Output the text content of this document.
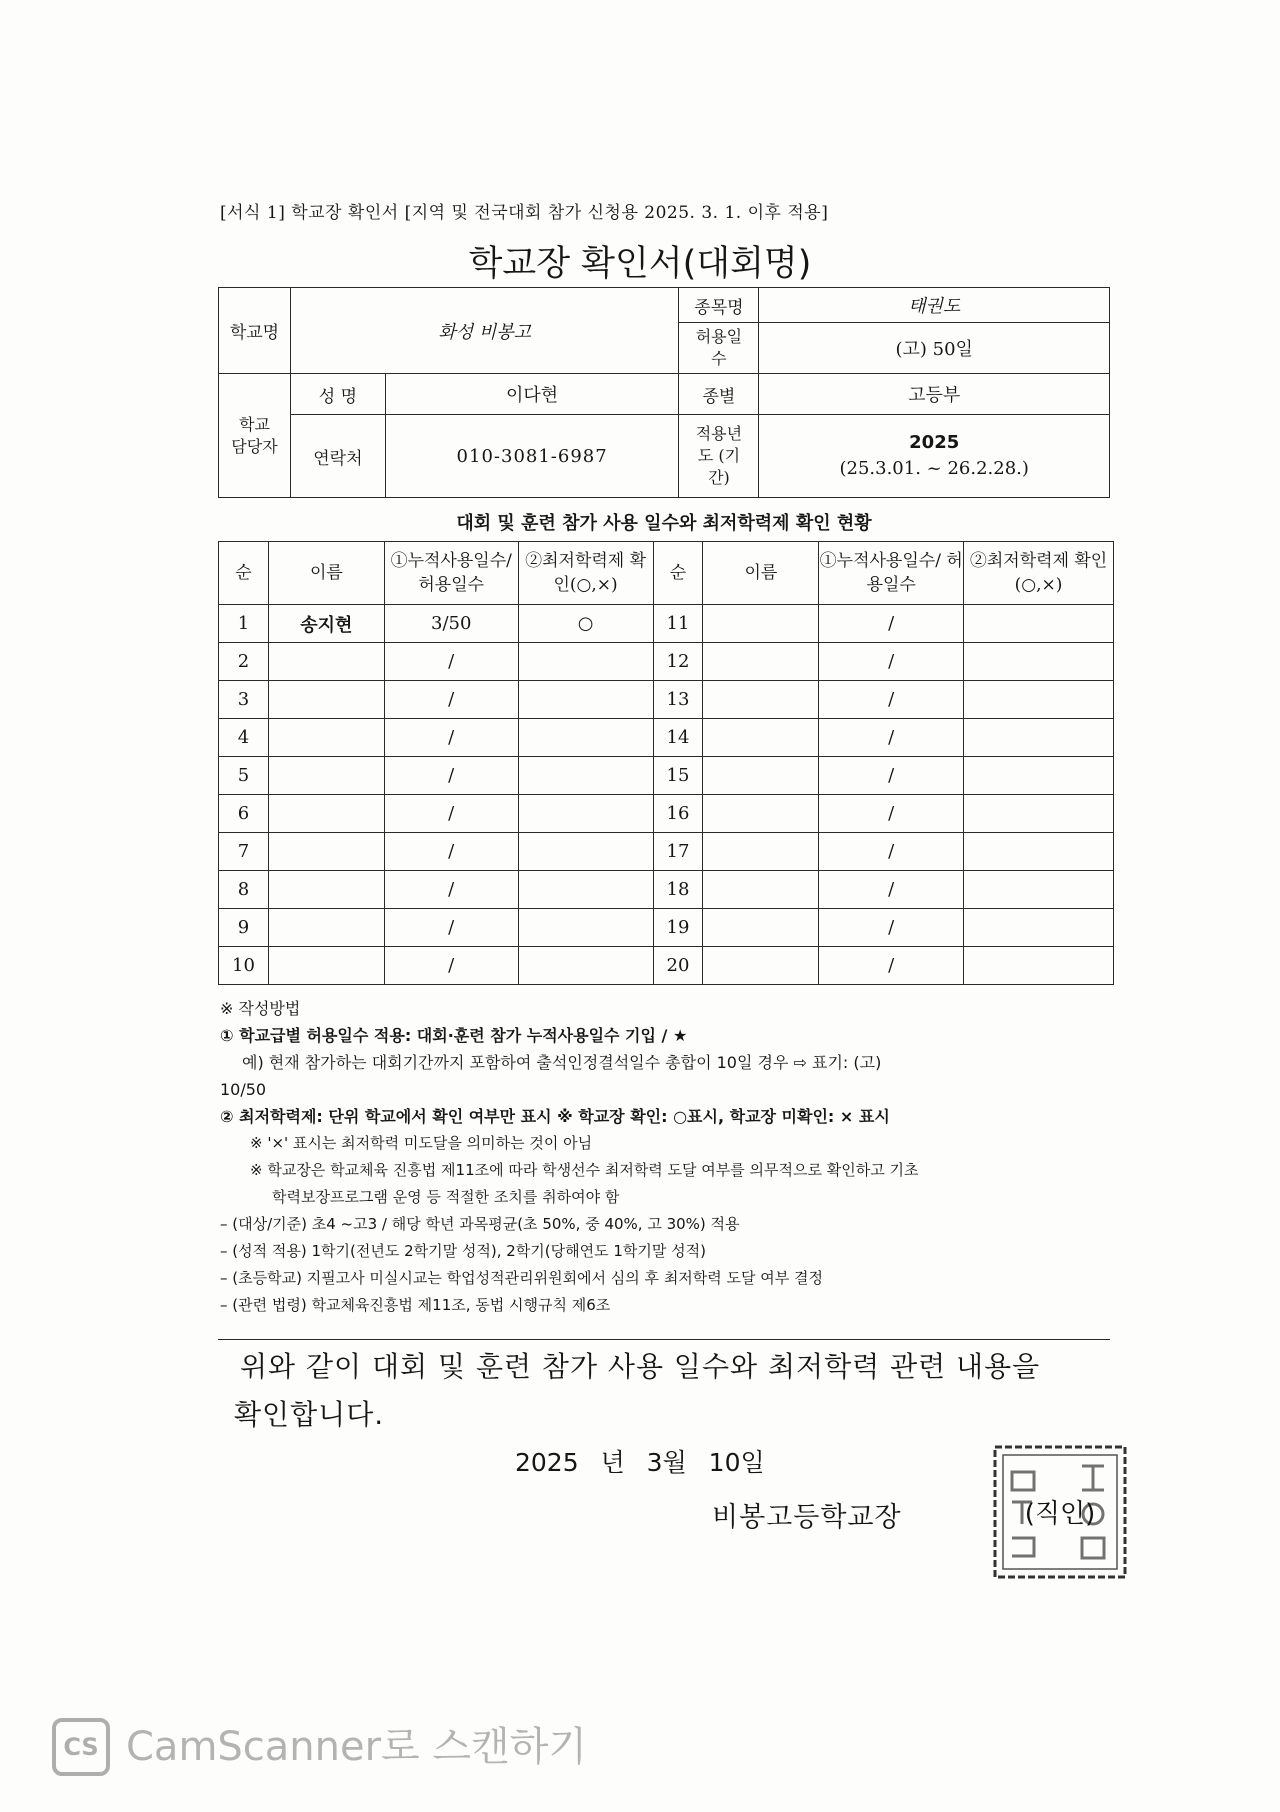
[서식 1] 학교장 확인서 [지역 및 전국대회 참가 신청용 2025. 3. 1. 이후 적용]
학교장 확인서(대회명)
학교명	화성 비봉고		종목명	태권도
			허용일수	(고) 50일
학교 담당자	성 명	이다현	종별	고등부
	연락처	010-3081-6987	적용년도 (기간)	2025
(25.3.01. ~ 26.2.28.)
대회 및 훈련 참가 사용 일수와 최저학력제 확인 현황
순	이름	①누적사용일수/ 허용일수	②최저학력제 확인(○,×)	순	이름	①누적사용일수/ 허용일수	②최저학력제 확인(○,×)
1	송지현	3/50	○	11		/	
2		/		12		/	
3		/		13		/	
4		/		14		/	
5		/		15		/	
6		/		16		/	
7		/		17		/	
8		/		18		/	
9		/		19		/	
10		/		20		/	
※ 작성방법
① 학교급별 허용일수 적용: 대회·훈련 참가 누적사용일수 기입 / ★
예) 현재 참가하는 대회기간까지 포함하여 출석인정결석일수 총합이 10일 경우 ⇨ 표기: (고)
10/50
② 최저학력제: 단위 학교에서 확인 여부만 표시 ※ 학교장 확인: ○표시, 학교장 미확인: × 표시
※ '×' 표시는 최저학력 미도달을 의미하는 것이 아님
※ 학교장은 학교체육 진흥법 제11조에 따라 학생선수 최저학력 도달 여부를 의무적으로 확인하고 기초
학력보장프로그램 운영 등 적절한 조치를 취하여야 함
– (대상/기준) 초4 ~고3 / 해당 학년 과목평균(초 50%, 중 40%, 고 30%) 적용
– (성적 적용) 1학기(전년도 2학기말 성적), 2학기(당해연도 1학기말 성적)
– (초등학교) 지필고사 미실시교는 학업성적관리위원회에서 심의 후 최저학력 도달 여부 결정
– (관련 법령) 학교체육진흥법 제11조, 동법 시행규칙 제6조
위와 같이 대회 및 훈련 참가 사용 일수와 최저학력 관련 내용을
확인합니다.
2025 년 3월 10일
비봉고등학교장	(직인)
CS CamScanner로 스캔하기
